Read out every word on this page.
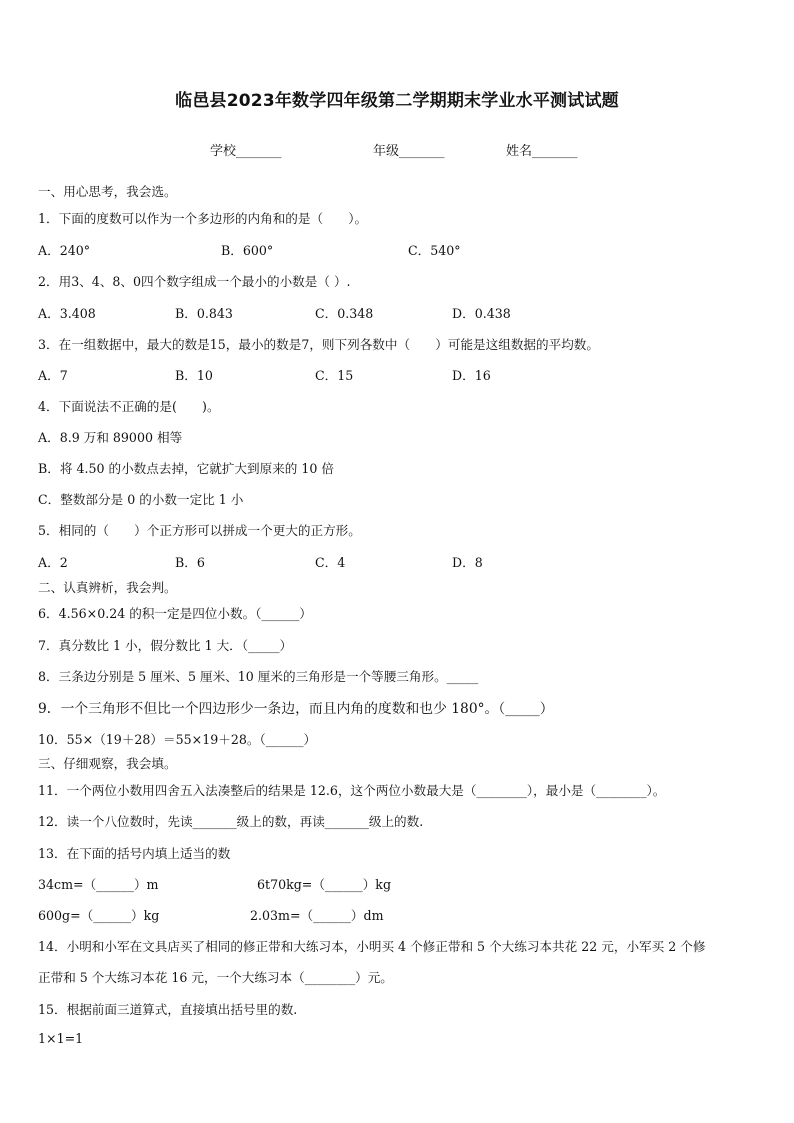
临邑县2023年数学四年级第二学期期末学业水平测试试题
学校_______	年级_______	姓名_______
一、用心思考，我会选。
1．下面的度数可以作为一个多边形的内角和的是（　　）。
A．240°	B．600°	C．540°
2．用3、4、8、0四个数字组成一个最小的小数是（ ）.
A．3.408	B．0.843	C．0.348	D．0.438
3．在一组数据中，最大的数是15，最小的数是7，则下列各数中（　　）可能是这组数据的平均数。
A．7	B．10	C．15	D．16
4．下面说法不正确的是(　　)。
A．8.9 万和 89000 相等
B．将 4.50 的小数点去掉，它就扩大到原来的 10 倍
C．整数部分是 0 的小数一定比 1 小
5．相同的（　　）个正方形可以拼成一个更大的正方形。
A．2	B．6	C．4	D．8
二、认真辨析，我会判。
6．4.56×0.24 的积一定是四位小数。（______）
7．真分数比 1 小，假分数比 1 大．（_____）
8．三条边分别是 5 厘米、5 厘米、10 厘米的三角形是一个等腰三角形。_____
9．一个三角形不但比一个四边形少一条边，而且内角的度数和也少 180°。（_____）
10．55×（19＋28）＝55×19＋28。（______）
三、仔细观察，我会填。
11．一个两位小数用四舍五入法凑整后的结果是 12.6，这个两位小数最大是（________），最小是（________）。
12．读一个八位数时，先读_______级上的数，再读_______级上的数.
13．在下面的括号内填上适当的数
34cm=（______）m	6t70kg=（______）kg
600g=（______）kg	2.03m=（______）dm
14．小明和小军在文具店买了相同的修正带和大练习本，小明买 4 个修正带和 5 个大练习本共花 22 元，小军买 2 个修
正带和 5 个大练习本花 16 元，一个大练习本（________）元。
15．根据前面三道算式，直接填出括号里的数.
1×1=1
